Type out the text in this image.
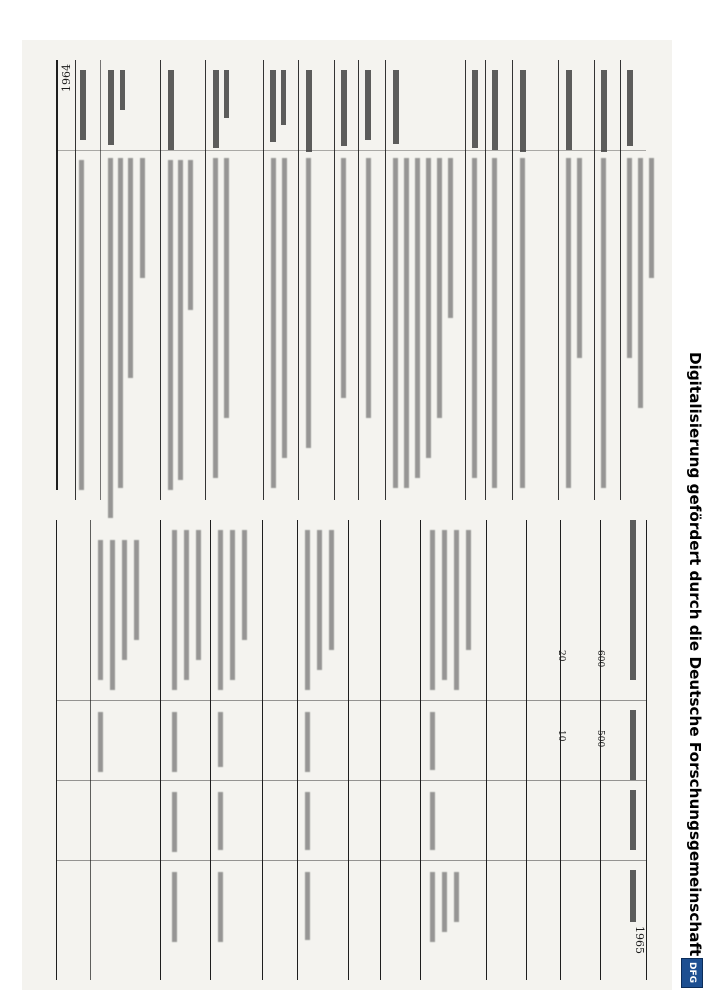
1964
1965
600
500
20
10	Digitalisierung gefördert durch die Deutsche Forschungsgemeinschaft
DFG
